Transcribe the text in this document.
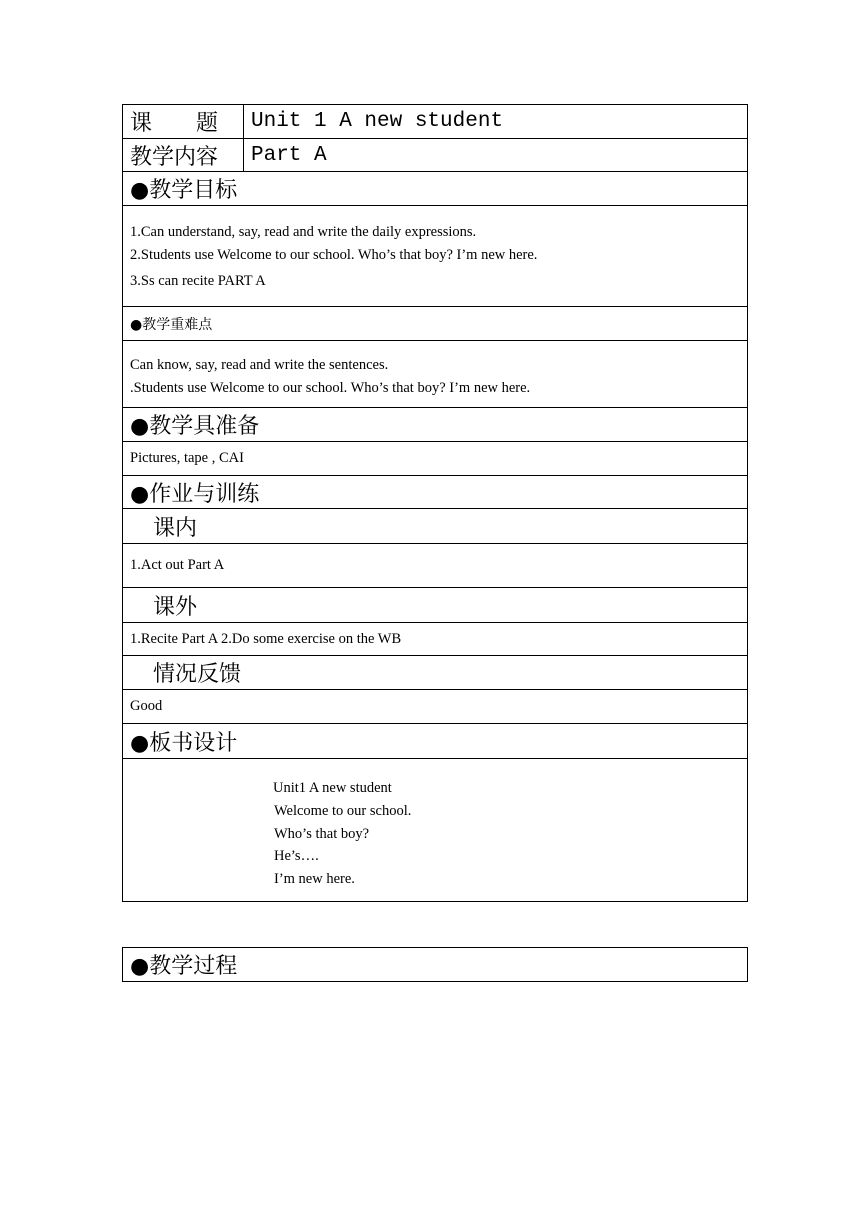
课　　题	Unit 1 A new student
教学内容	Part A
●教学目标
1.Can understand, say, read and write the daily expressions.
2.Students use Welcome to our school. Who’s that boy? I’m new here.
3.Ss can recite PART A
●教学重难点
Can know, say, read and write the sentences.
.Students use Welcome to our school. Who’s that boy? I’m new here.
●教学具准备
Pictures, tape , CAI
●作业与训练
课内
1.Act out Part A
课外
1.Recite Part A 2.Do some exercise on the WB
情况反馈
Good
●板书设计
Unit1 A new student
Welcome to our school.
Who’s that boy?
He’s….
I’m new here.
●教学过程
